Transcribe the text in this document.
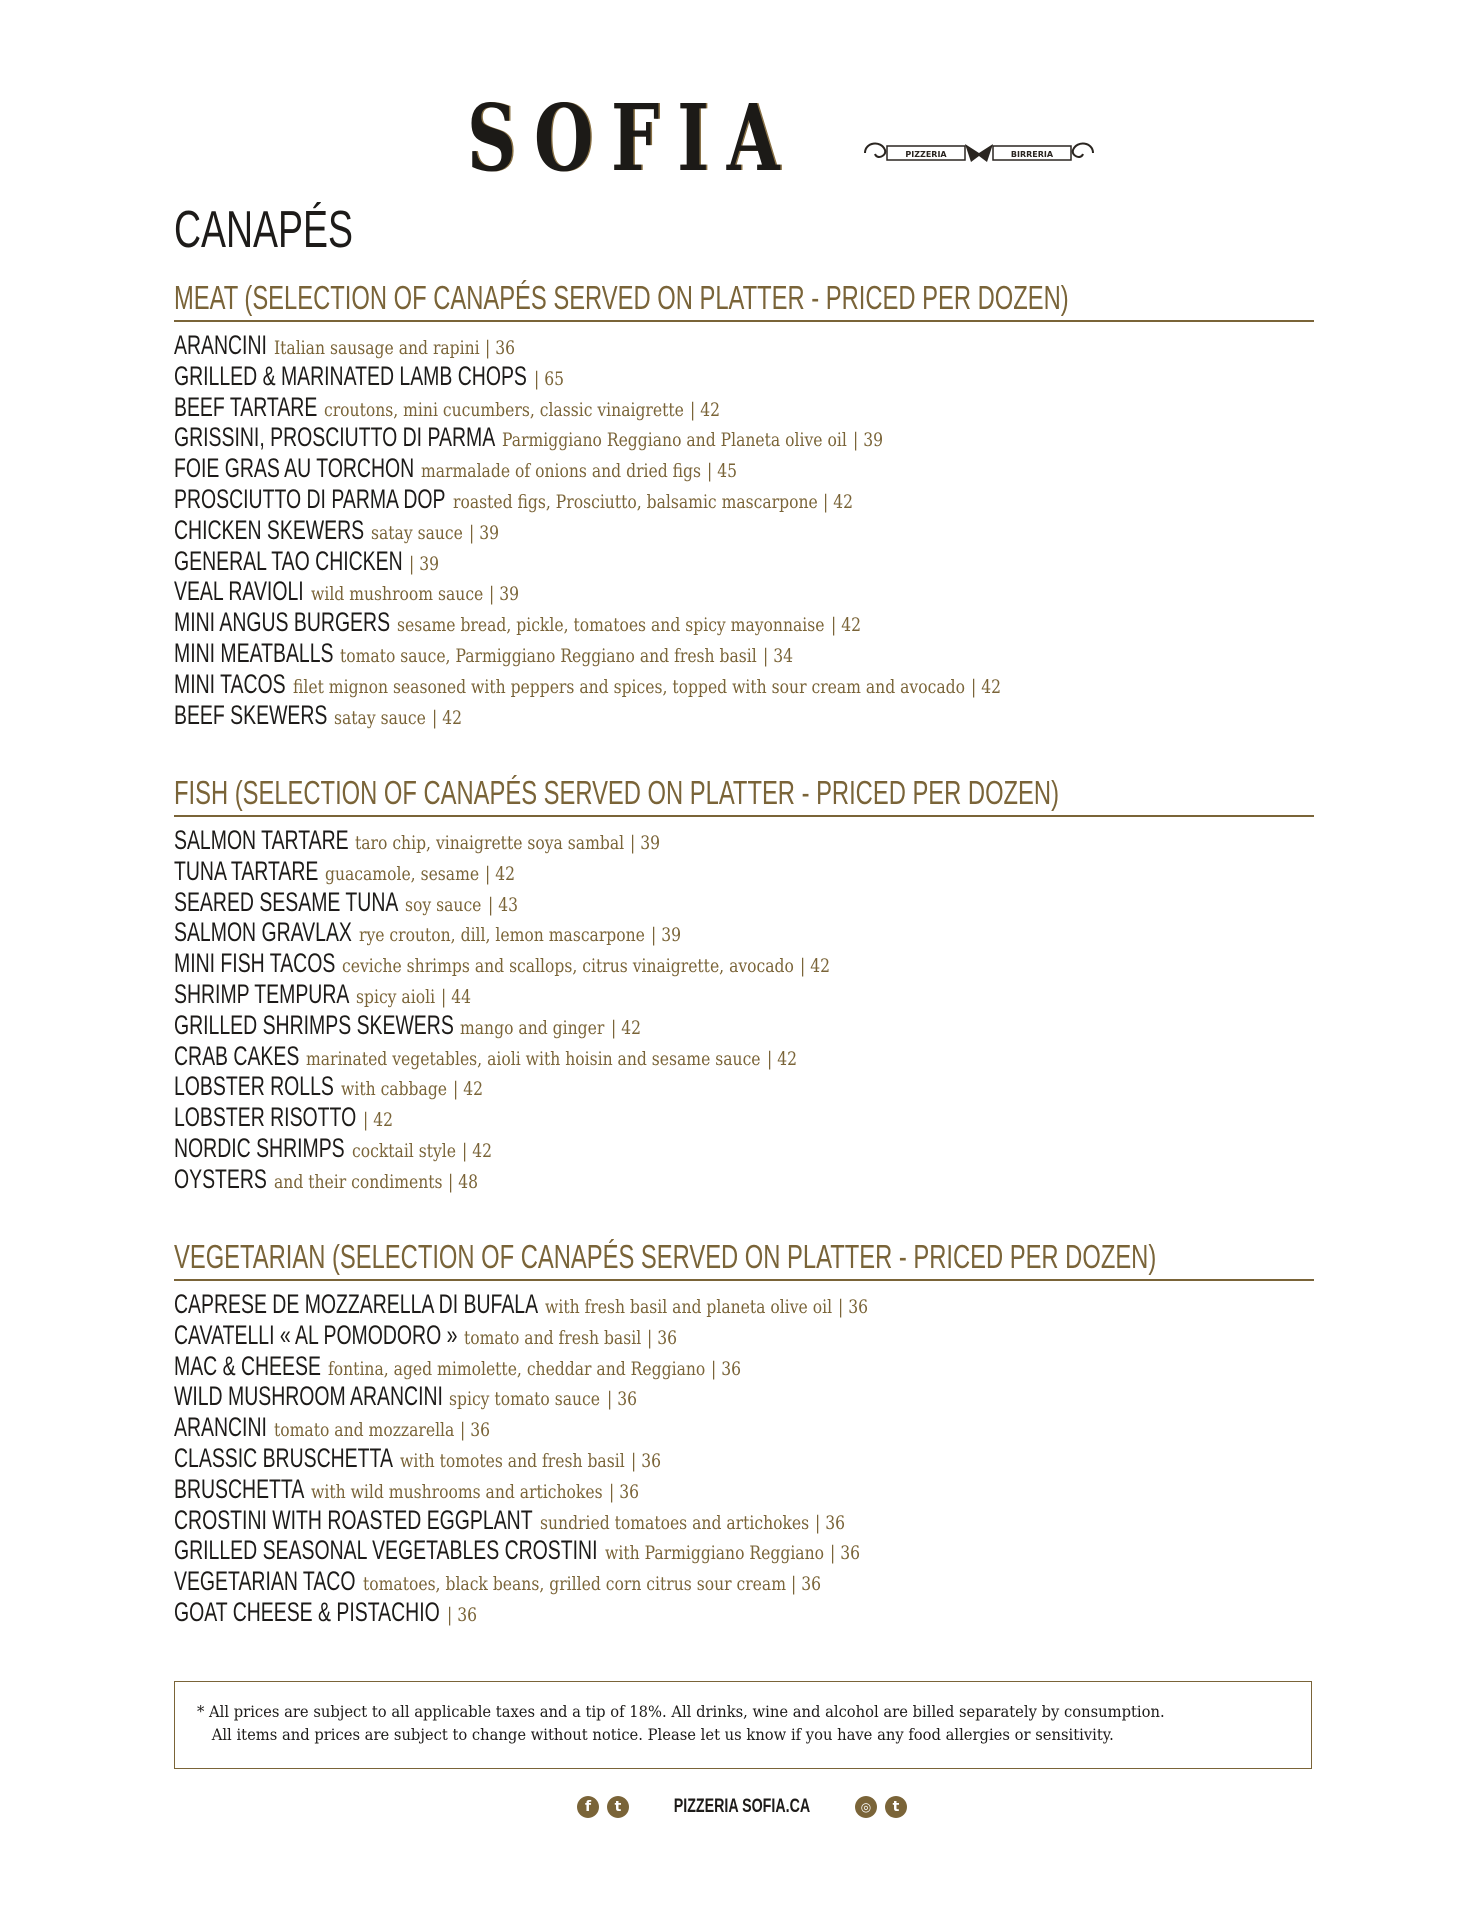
SOFIA	PIZZERIA	BIRRERIA
CANAPÉS
MEAT (SELECTION OF CANAPÉS SERVED ON PLATTER - PRICED PER DOZEN)
ARANCINI Italian sausage and rapini | 36
GRILLED & MARINATED LAMB CHOPS | 65
BEEF TARTARE croutons, mini cucumbers, classic vinaigrette | 42
GRISSINI, PROSCIUTTO DI PARMA Parmiggiano Reggiano and Planeta olive oil | 39
FOIE GRAS AU TORCHON marmalade of onions and dried figs | 45
PROSCIUTTO DI PARMA DOP roasted figs, Prosciutto, balsamic mascarpone | 42
CHICKEN SKEWERS satay sauce | 39
GENERAL TAO CHICKEN | 39
VEAL RAVIOLI wild mushroom sauce | 39
MINI ANGUS BURGERS sesame bread, pickle, tomatoes and spicy mayonnaise | 42
MINI MEATBALLS tomato sauce, Parmiggiano Reggiano and fresh basil | 34
MINI TACOS filet mignon seasoned with peppers and spices, topped with sour cream and avocado | 42
BEEF SKEWERS satay sauce | 42
FISH (SELECTION OF CANAPÉS SERVED ON PLATTER - PRICED PER DOZEN)
SALMON TARTARE taro chip, vinaigrette soya sambal | 39
TUNA TARTARE guacamole, sesame | 42
SEARED SESAME TUNA soy sauce | 43
SALMON GRAVLAX rye crouton, dill, lemon mascarpone | 39
MINI FISH TACOS ceviche shrimps and scallops, citrus vinaigrette, avocado | 42
SHRIMP TEMPURA spicy aioli | 44
GRILLED SHRIMPS SKEWERS mango and ginger | 42
CRAB CAKES marinated vegetables, aioli with hoisin and sesame sauce | 42
LOBSTER ROLLS with cabbage | 42
LOBSTER RISOTTO | 42
NORDIC SHRIMPS cocktail style | 42
OYSTERS and their condiments | 48
VEGETARIAN (SELECTION OF CANAPÉS SERVED ON PLATTER - PRICED PER DOZEN)
CAPRESE DE MOZZARELLA DI BUFALA with fresh basil and planeta olive oil | 36
CAVATELLI « AL POMODORO » tomato and fresh basil | 36
MAC & CHEESE fontina, aged mimolette, cheddar and Reggiano | 36
WILD MUSHROOM ARANCINI spicy tomato sauce | 36
ARANCINI tomato and mozzarella | 36
CLASSIC BRUSCHETTA with tomotes and fresh basil | 36
BRUSCHETTA with wild mushrooms and artichokes | 36
CROSTINI WITH ROASTED EGGPLANT sundried tomatoes and artichokes | 36
GRILLED SEASONAL VEGETABLES CROSTINI with Parmiggiano Reggiano | 36
VEGETARIAN TACO tomatoes, black beans, grilled corn citrus sour cream | 36
GOAT CHEESE & PISTACHIO | 36
* All prices are subject to all applicable taxes and a tip of 18%. All drinks, wine and alcohol are billed separately by consumption.
All items and prices are subject to change without notice. Please let us know if you have any food allergies or sensitivity.
f	t	PIZZERIA SOFIA.CA	◎	t
